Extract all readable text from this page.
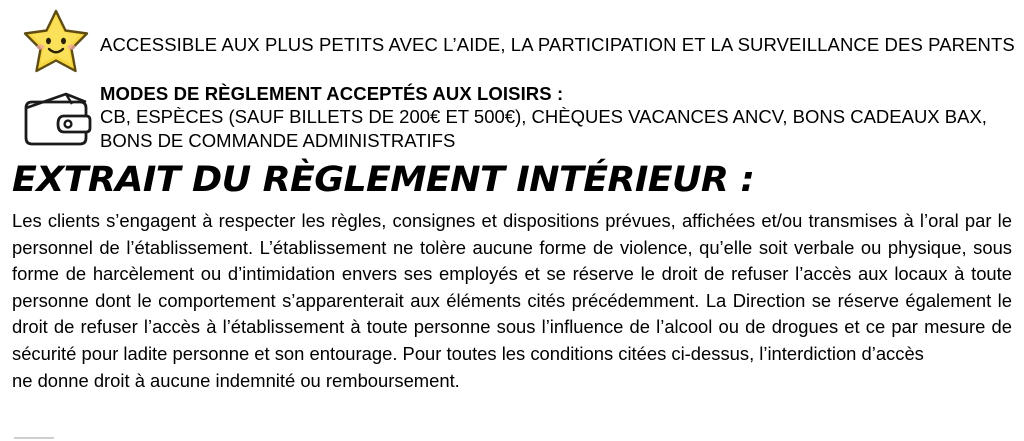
ACCESSIBLE AUX PLUS PETITS AVEC L’AIDE, LA PARTICIPATION ET LA SURVEILLANCE DES PARENTS
MODES DE RÈGLEMENT ACCEPTÉS AUX LOISIRS :
CB, ESPÈCES (SAUF BILLETS DE 200€ ET 500€), CHÈQUES VACANCES ANCV, BONS CADEAUX BAX,
BONS DE COMMANDE ADMINISTRATIFS
EXTRAIT DU RÈGLEMENT INTÉRIEUR :
Les clients s’engagent à respecter les règles, consignes et dispositions prévues, affichées et/ou transmises à l’oral par le personnel de l’établissement. L’établissement ne tolère aucune forme de violence, qu’elle soit verbale ou physique, sous forme de harcèlement ou d’intimidation envers ses employés et se réserve le droit de refuser l’accès aux locaux à toute personne dont le comportement s’apparenterait aux éléments cités précédemment. La Direction se réserve également le droit de refuser l’accès à l’établissement à toute personne sous l’influence de l’alcool ou de drogues et ce par mesure de sécurité pour ladite personne et son entourage. Pour toutes les conditions citées ci-dessus, l’interdiction d’accès
ne donne droit à aucune indemnité ou remboursement.
